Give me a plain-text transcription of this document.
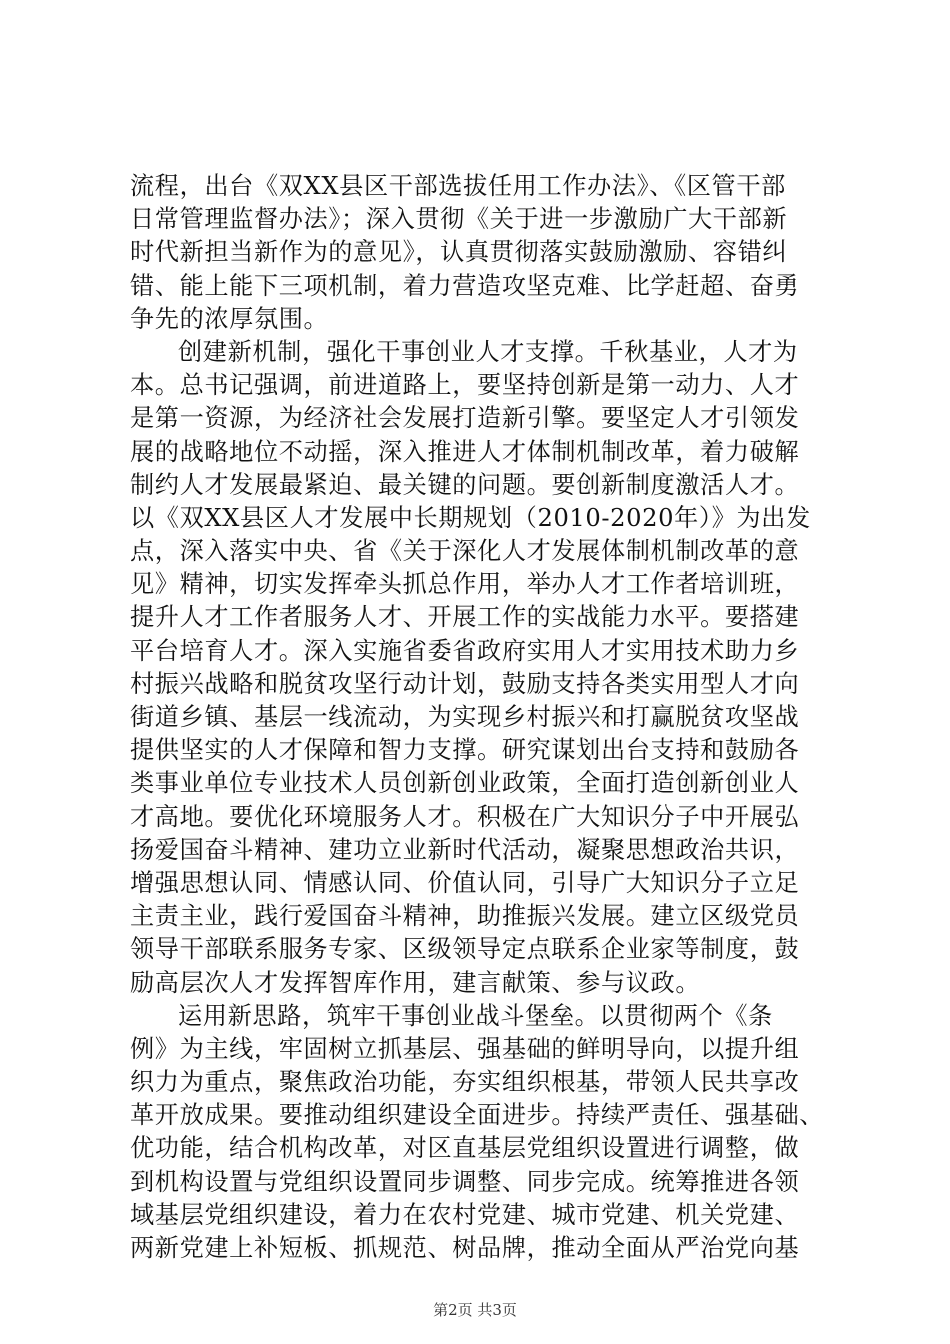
流程，出台《双XX县区干部选拔任用工作办法》、《区管干部
日常管理监督办法》；深入贯彻《关于进一步激励广大干部新
时代新担当新作为的意见》，认真贯彻落实鼓励激励、容错纠
错、能上能下三项机制，着力营造攻坚克难、比学赶超、奋勇
争先的浓厚氛围。
创建新机制，强化干事创业人才支撑。千秋基业，人才为
本。总书记强调，前进道路上，要坚持创新是第一动力、人才
是第一资源，为经济社会发展打造新引擎。要坚定人才引领发
展的战略地位不动摇，深入推进人才体制机制改革，着力破解
制约人才发展最紧迫、最关键的问题。要创新制度激活人才。
以《双XX县区人才发展中长期规划（2010-2020年）》为出发
点，深入落实中央、省《关于深化人才发展体制机制改革的意
见》精神，切实发挥牵头抓总作用，举办人才工作者培训班，
提升人才工作者服务人才、开展工作的实战能力水平。要搭建
平台培育人才。深入实施省委省政府实用人才实用技术助力乡
村振兴战略和脱贫攻坚行动计划，鼓励支持各类实用型人才向
街道乡镇、基层一线流动，为实现乡村振兴和打赢脱贫攻坚战
提供坚实的人才保障和智力支撑。研究谋划出台支持和鼓励各
类事业单位专业技术人员创新创业政策，全面打造创新创业人
才高地。要优化环境服务人才。积极在广大知识分子中开展弘
扬爱国奋斗精神、建功立业新时代活动，凝聚思想政治共识，
增强思想认同、情感认同、价值认同，引导广大知识分子立足
主责主业，践行爱国奋斗精神，助推振兴发展。建立区级党员
领导干部联系服务专家、区级领导定点联系企业家等制度，鼓
励高层次人才发挥智库作用，建言献策、参与议政。
运用新思路，筑牢干事创业战斗堡垒。以贯彻两个《条
例》为主线，牢固树立抓基层、强基础的鲜明导向，以提升组
织力为重点，聚焦政治功能，夯实组织根基，带领人民共享改
革开放成果。要推动组织建设全面进步。持续严责任、强基础、
优功能，结合机构改革，对区直基层党组织设置进行调整，做
到机构设置与党组织设置同步调整、同步完成。统筹推进各领
域基层党组织建设，着力在农村党建、城市党建、机关党建、
两新党建上补短板、抓规范、树品牌，推动全面从严治党向基
第2页 共3页
